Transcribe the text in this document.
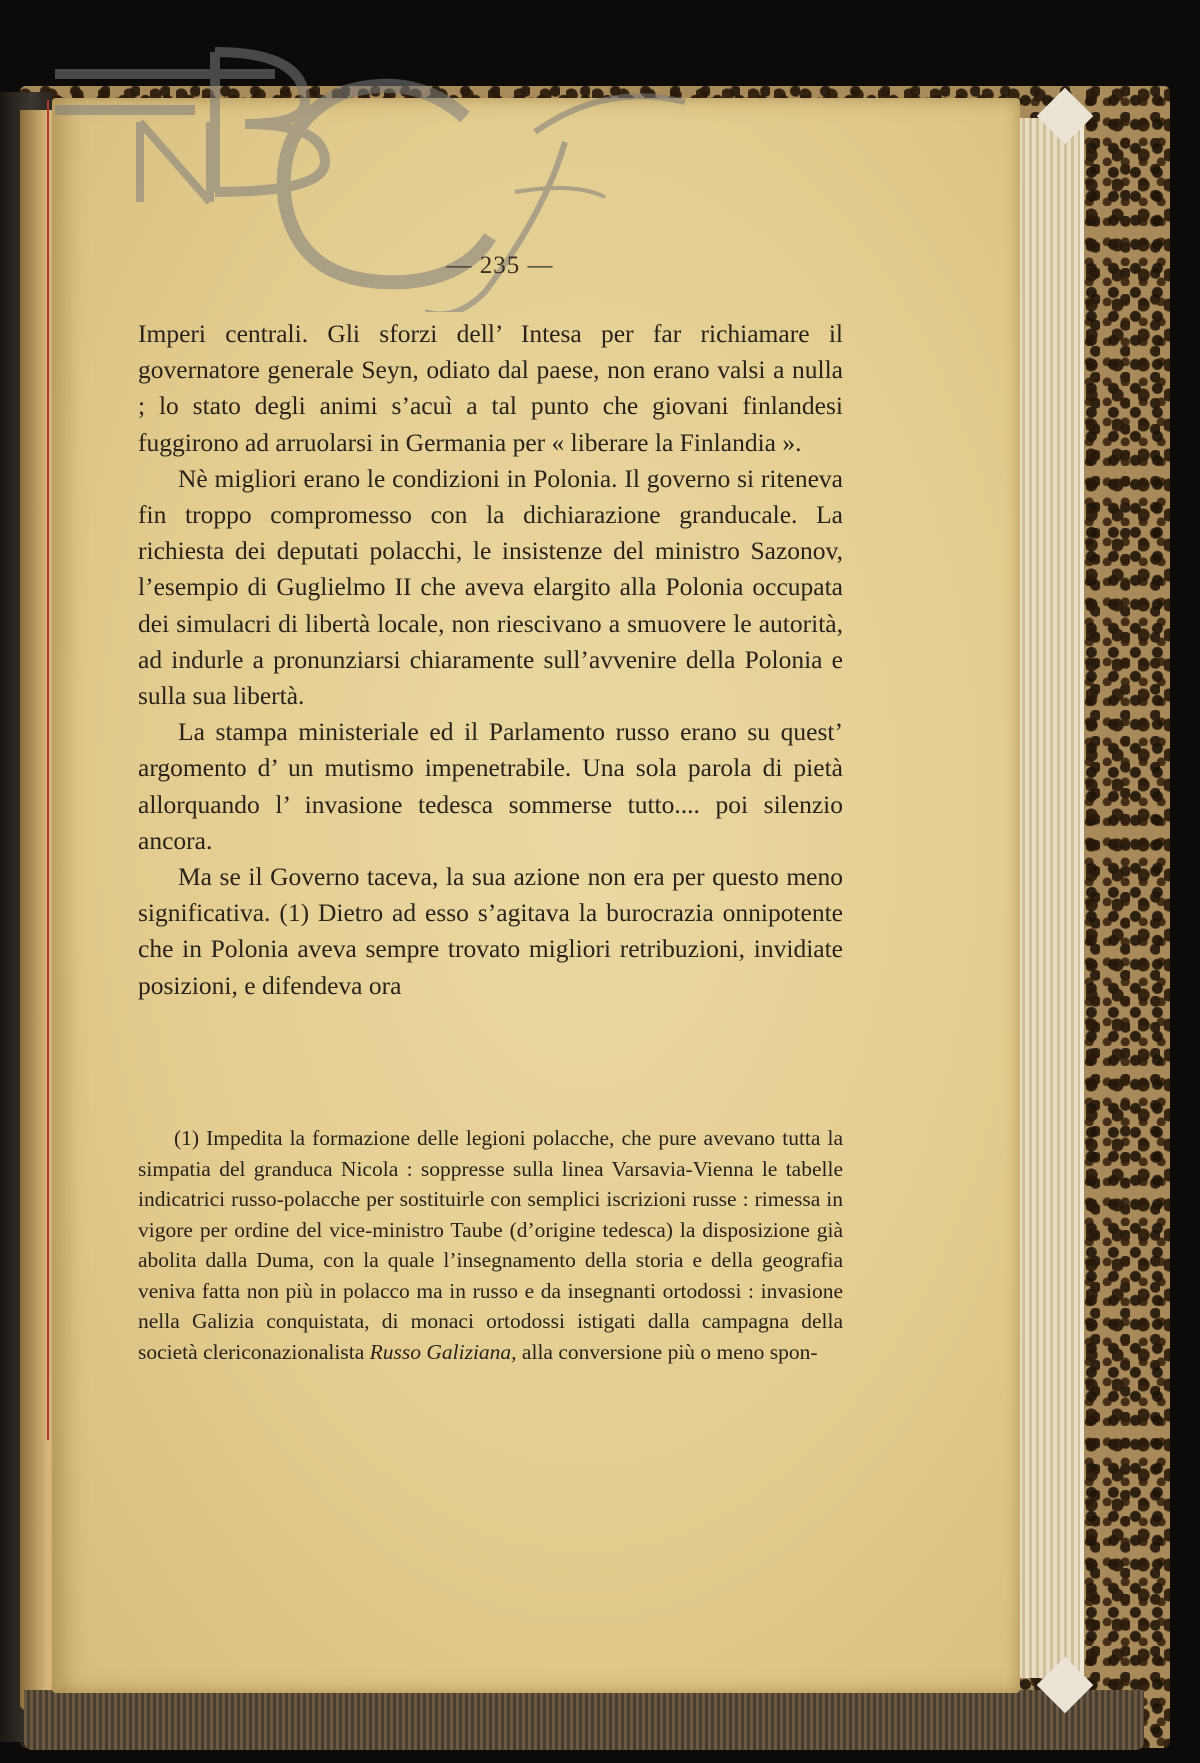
— 235 —

Imperi centrali. Gli sforzi dell’ Intesa per far richiamare il governatore generale Seyn, odiato dal paese, non erano valsi a nulla ; lo stato degli animi s’acuì a tal punto che giovani finlandesi fuggirono ad arruolarsi in Germania per « liberare la Finlandia ».

Nè migliori erano le condizioni in Polonia. Il governo si riteneva fin troppo compromesso con la dichiarazione granducale. La richiesta dei deputati polacchi, le insistenze del ministro Sazonov, l’esempio di Guglielmo II che aveva elargito alla Polonia occupata dei simulacri di libertà locale, non riescivano a smuovere le autorità, ad indurle a pronunziarsi chiaramente sull’avvenire della Polonia e sulla sua libertà.

La stampa ministeriale ed il Parlamento russo erano su quest’ argomento d’ un mutismo impenetrabile. Una sola parola di pietà allorquando l’ invasione tedesca sommerse tutto.... poi silenzio ancora.

Ma se il Governo taceva, la sua azione non era per questo meno significativa. (1) Dietro ad esso s’agitava la burocrazia onnipotente che in Polonia aveva sempre trovato migliori retribuzioni, invidiate posizioni, e difendeva ora

(1) Impedita la formazione delle legioni polacche, che pure avevano tutta la simpatia del granduca Nicola : soppresse sulla linea Varsavia-Vienna le tabelle indicatrici russo-polacche per sostituirle con semplici iscrizioni russe : rimessa in vigore per ordine del vice-ministro Taube (d’origine tedesca) la disposizione già abolita dalla Duma, con la quale l’insegnamento della storia e della geografia veniva fatta non più in polacco ma in russo e da insegnanti ortodossi : invasione nella Galizia conquistata, di monaci ortodossi istigati dalla campagna della società clericonazionalista Russo Galiziana, alla conversione più o meno spon-
